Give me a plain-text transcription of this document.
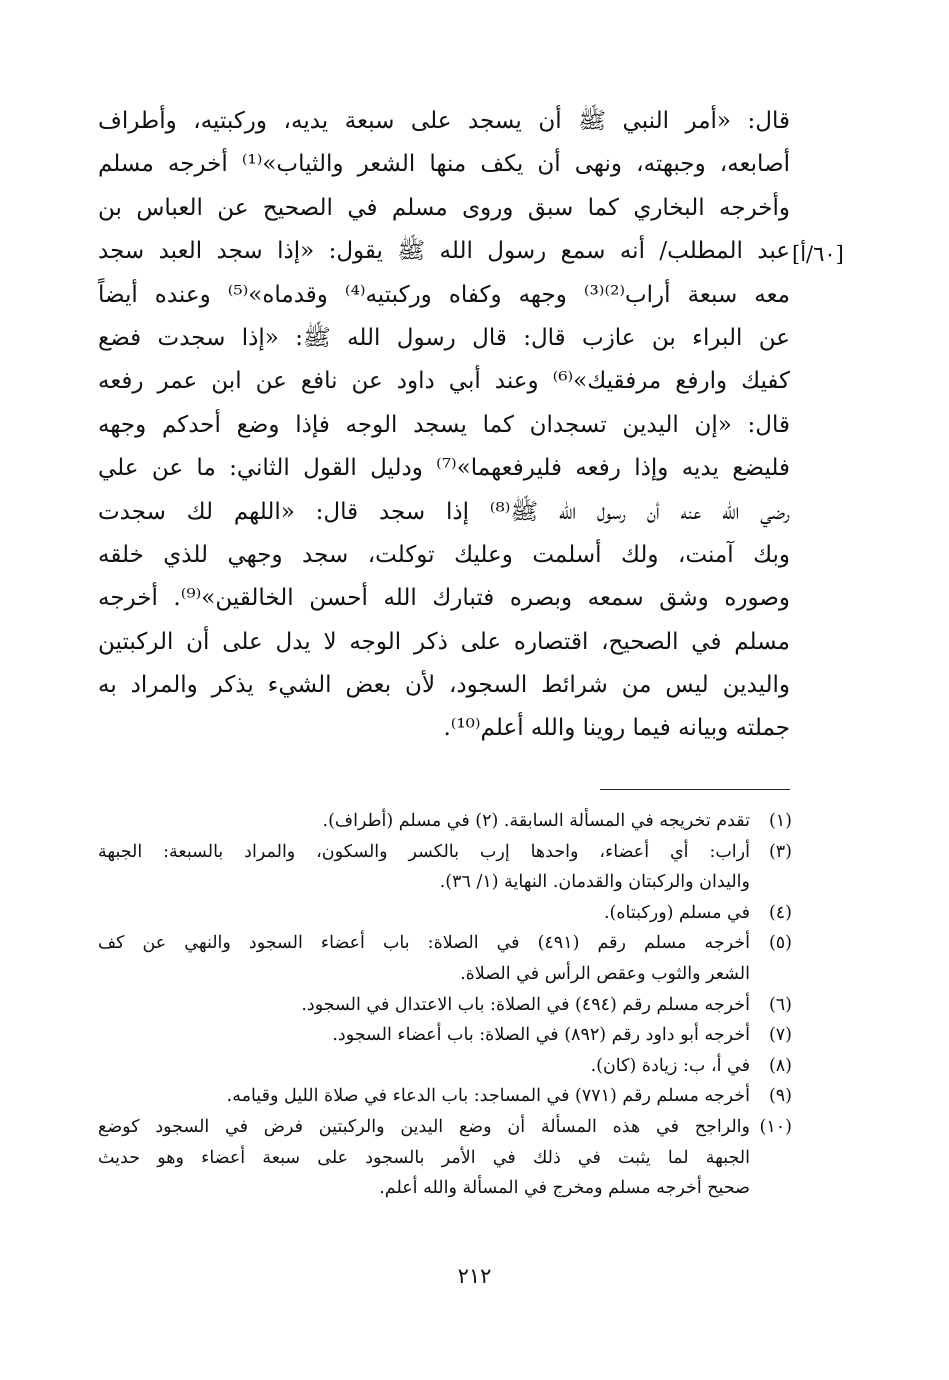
قال: «أمر النبي ﷺ أن يسجد على سبعة يديه، وركبتيه، وأطراف
أصابعه، وجبهته، ونهى أن يكف منها الشعر والثياب»⁽¹⁾ أخرجه مسلم
وأخرجه البخاري كما سبق وروى مسلم في الصحيح عن العباس بن
عبد المطلب/ أنه سمع رسول الله ﷺ يقول: «إذا سجد العبد سجد
معه سبعة أراب⁽²⁾⁽³⁾ وجهه وكفاه وركبتيه⁽⁴⁾ وقدماه»⁽⁵⁾ وعنده أيضاً
عن البراء بن عازب قال: قال رسول الله ﷺ: «إذا سجدت فضع
كفيك وارفع مرفقيك»⁽⁶⁾ وعند أبي داود عن نافع عن ابن عمر رفعه
قال: «إن اليدين تسجدان كما يسجد الوجه فإذا وضع أحدكم وجهه
فليضع يديه وإذا رفعه فليرفعهما»⁽⁷⁾ ودليل القول الثاني: ما عن علي
رضي الله عنه أن رسول الله ﷺ⁽⁸⁾ إذا سجد قال: «اللهم لك سجدت
وبك آمنت، ولك أسلمت وعليك توكلت، سجد وجهي للذي خلقه
وصوره وشق سمعه وبصره فتبارك الله أحسن الخالقين»⁽⁹⁾. أخرجه
مسلم في الصحيح، اقتصاره على ذكر الوجه لا يدل على أن الركبتين
واليدين ليس من شرائط السجود، لأن بعض الشيء يذكر والمراد به
جملته وبيانه فيما روينا والله أعلم⁽¹⁰⁾.
[٦٠/أ]
(١)
تقدم تخريجه في المسألة السابقة. (٢) في مسلم (أطراف).
(٣)
أراب: أي أعضاء، واحدها إرب بالكسر والسكون، والمراد بالسبعة: الجبهة
واليدان والركبتان والقدمان. النهاية (١/ ٣٦).
(٤)
في مسلم (وركبتاه).
(٥)
أخرجه مسلم رقم (٤٩١) في الصلاة: باب أعضاء السجود والنهي عن كف
الشعر والثوب وعقص الرأس في الصلاة.
(٦)
أخرجه مسلم رقم (٤٩٤) في الصلاة: باب الاعتدال في السجود.
(٧)
أخرجه أبو داود رقم (٨٩٢) في الصلاة: باب أعضاء السجود.
(٨)
في أ، ب: زيادة (كان).
(٩)
أخرجه مسلم رقم (٧٧١) في المساجد: باب الدعاء في صلاة الليل وقيامه.
(١٠)
والراجح في هذه المسألة أن وضع اليدين والركبتين فرض في السجود كوضع
الجبهة لما يثبت في ذلك في الأمر بالسجود على سبعة أعضاء وهو حديث
صحيح أخرجه مسلم ومخرج في المسألة والله أعلم.
٢١٢
